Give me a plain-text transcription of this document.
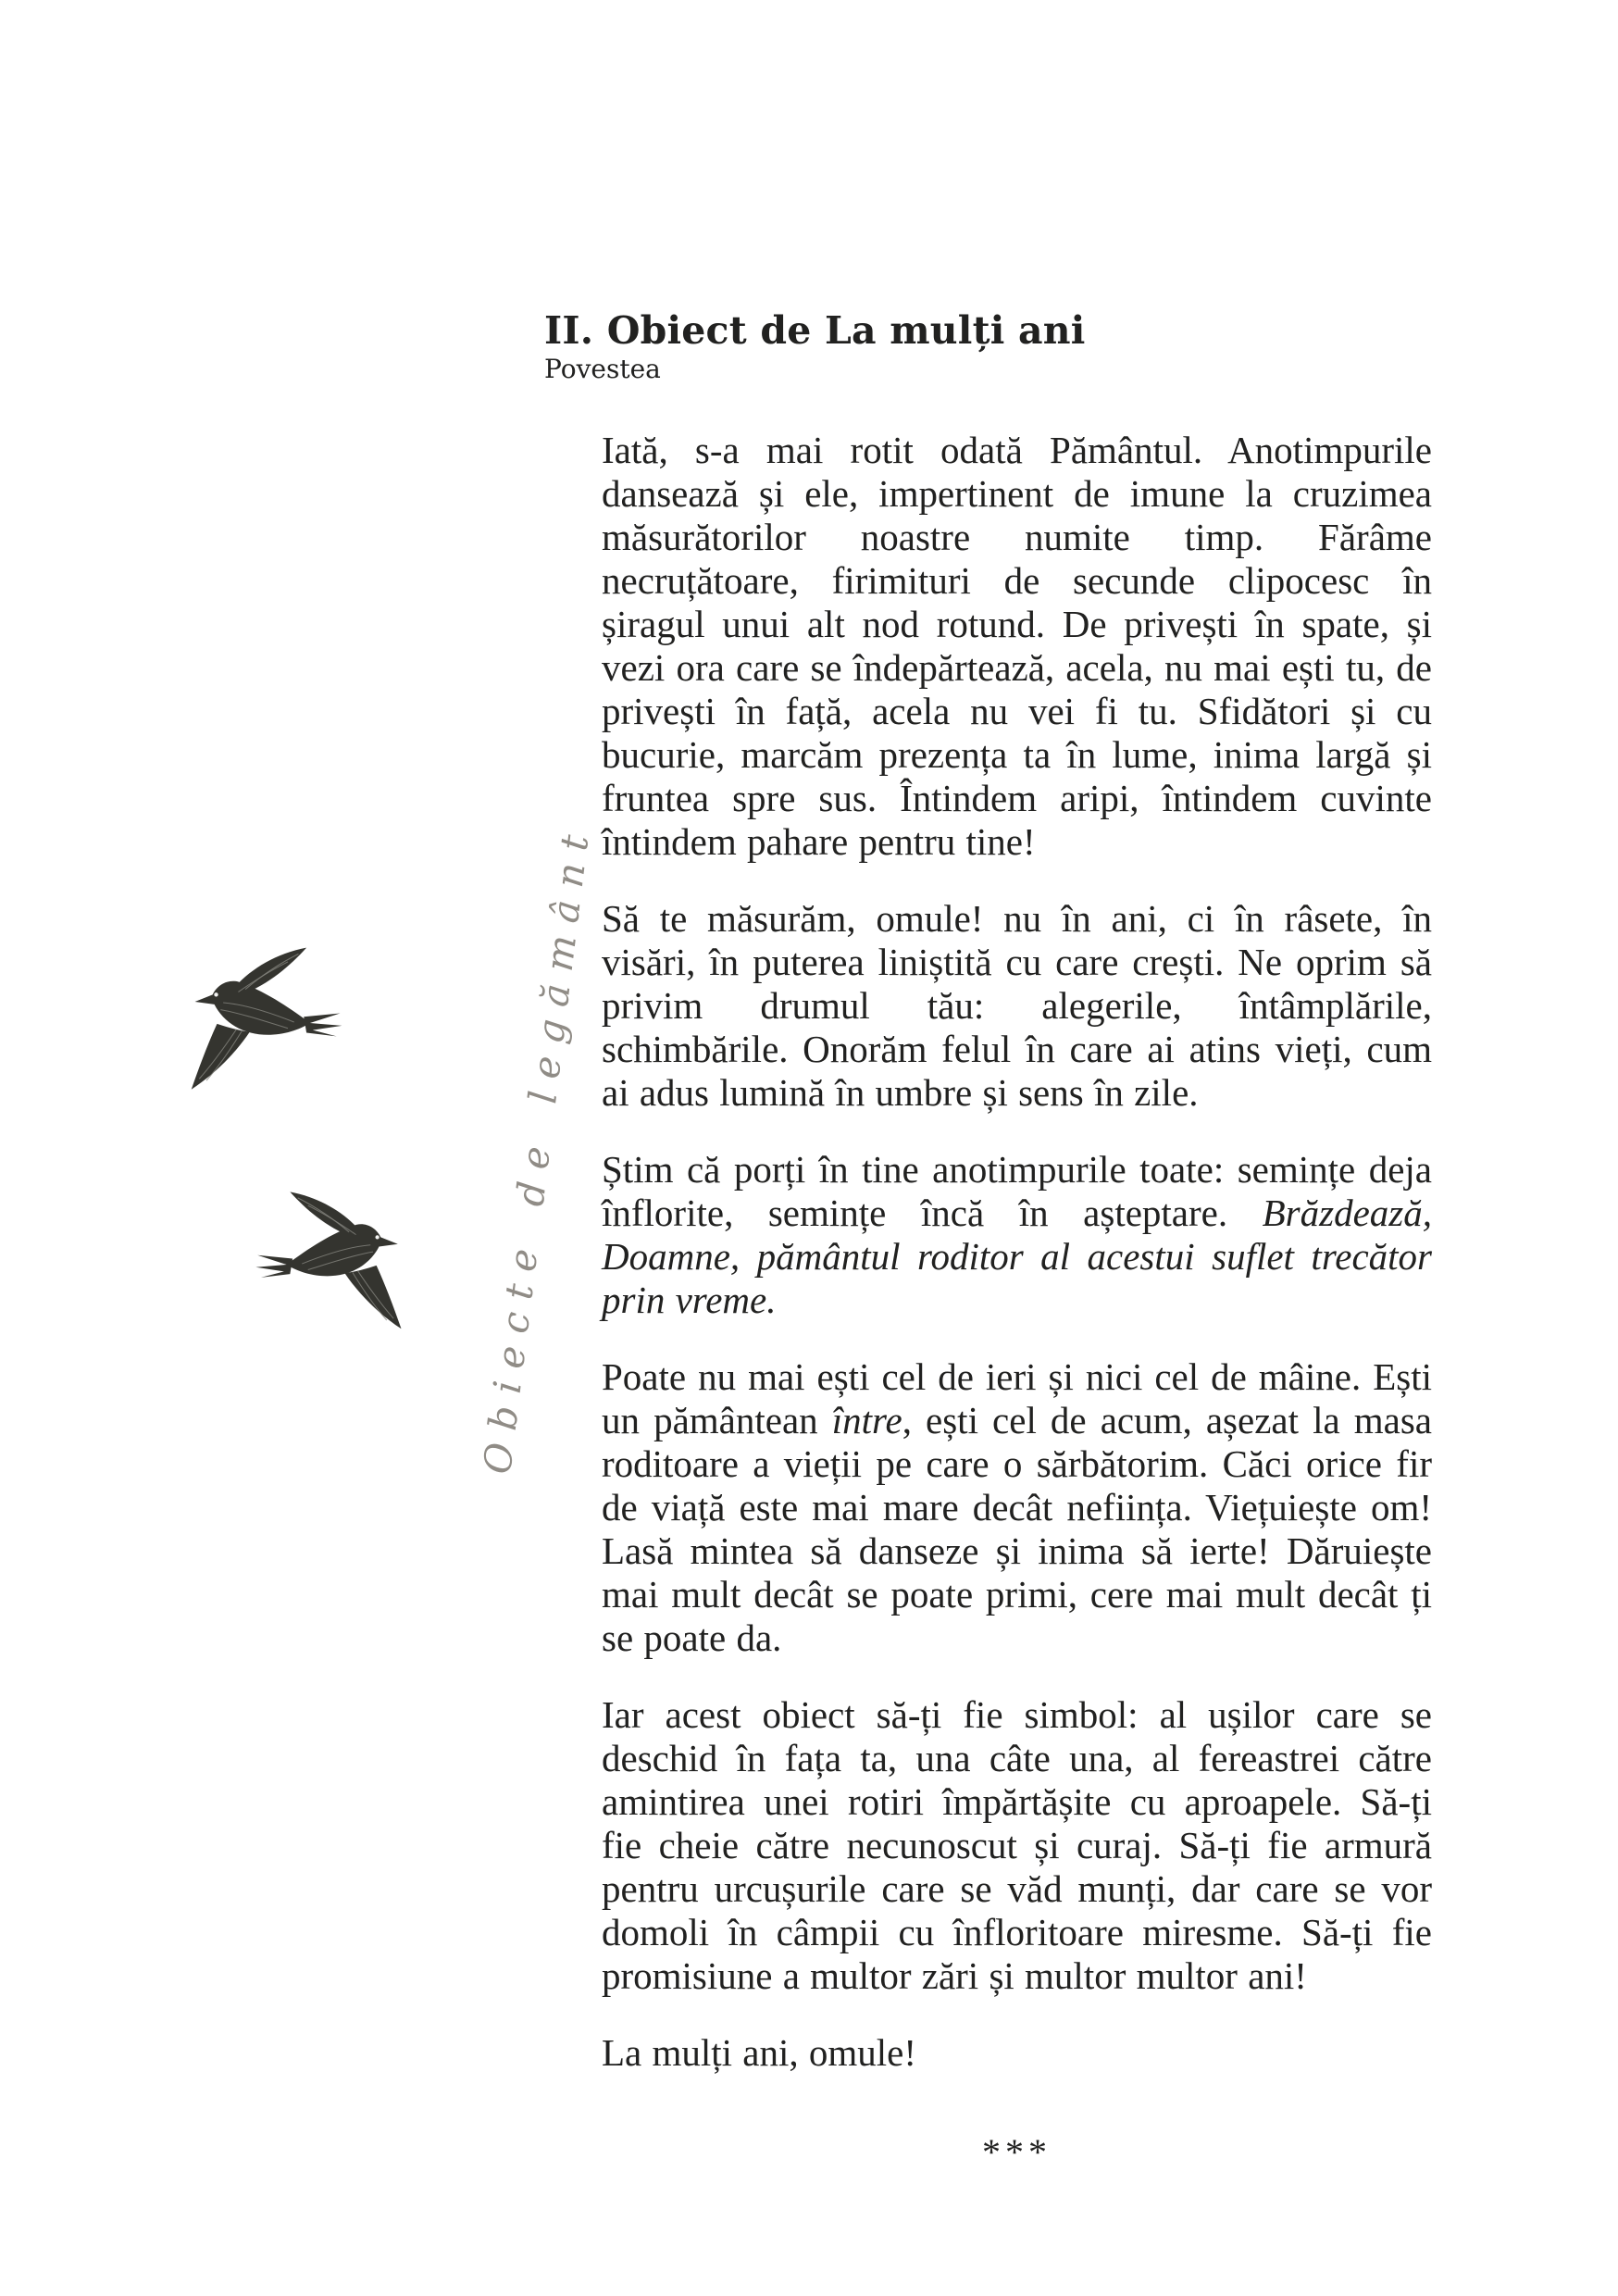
II. Obiect de La mulți ani
Povestea
Obiecte de legământ

Iată, s-a mai rotit odată Pământul. Anotimpurile dansează și ele, impertinent de imune la cruzimea măsurătorilor noastre numite timp. Fărâme necruțătoare, firimituri de secunde clipocesc în șiragul unui alt nod rotund. De privești în spate, și vezi ora care se îndepărtează, acela, nu mai ești tu, de privești în față, acela nu vei fi tu. Sfidători și cu bucurie, marcăm prezența ta în lume, inima largă și fruntea spre sus. Întindem aripi, întindem cuvinte întindem pahare pentru tine!

Să te măsurăm, omule! nu în ani, ci în râsete, în visări, în puterea liniștită cu care crești. Ne oprim să privim drumul tău: alegerile, întâmplările, schimbările. Onorăm felul în care ai atins vieți, cum ai adus lumină în umbre și sens în zile.

Știm că porți în tine anotimpurile toate: semințe deja înflorite, semințe încă în așteptare. Brăzdează, Doamne, pământul roditor al acestui suflet trecător prin vreme.

Poate nu mai ești cel de ieri și nici cel de mâine. Ești un pământean între, ești cel de acum, așezat la masa roditoare a vieții pe care o sărbătorim. Căci orice fir de viață este mai mare decât neființa. Viețuiește om! Lasă mintea să danseze și inima să ierte! Dăruiește mai mult decât se poate primi, cere mai mult decât ți se poate da.

Iar acest obiect să-ți fie simbol: al ușilor care se deschid în fața ta, una câte una, al fereastrei către amintirea unei rotiri împărtășite cu aproapele. Să-ți fie cheie către necunoscut și curaj. Să-ți fie armură pentru urcușurile care se văd munți, dar care se vor domoli în câmpii cu înfloritoare miresme. Să-ți fie promisiune a multor zări și multor multor ani!

La mulți ani, omule!

***
